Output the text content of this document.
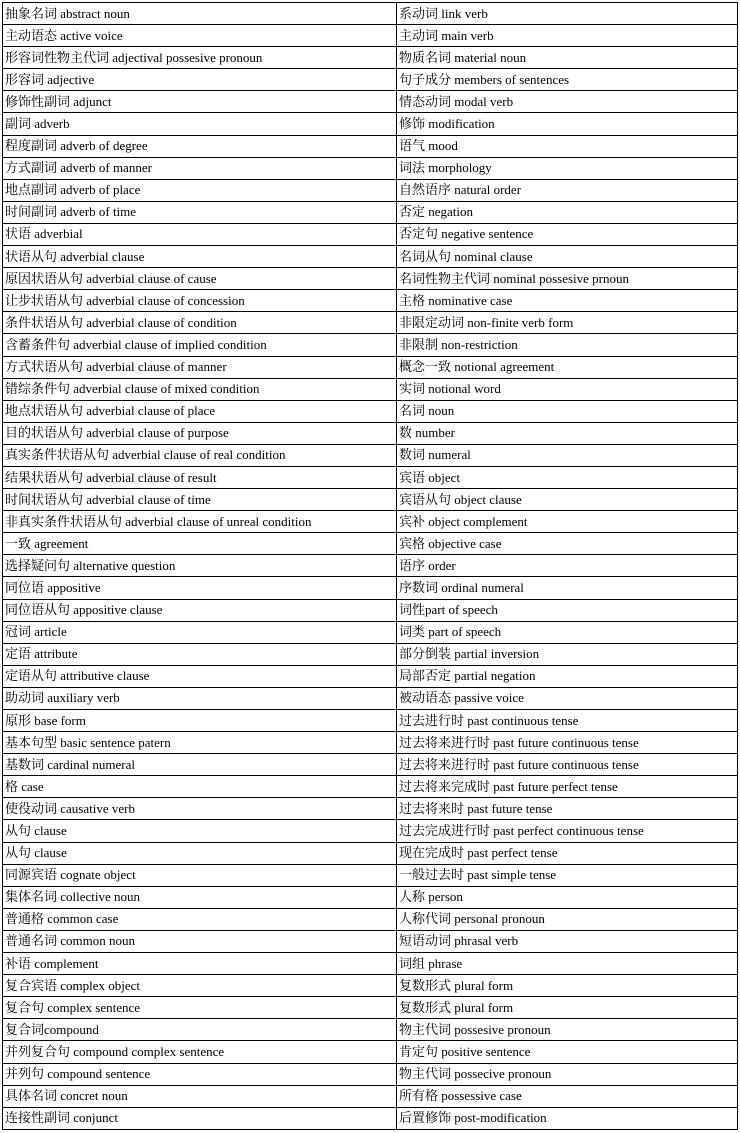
抽象名词 abstract noun	系动词 link verb
主动语态 active voice	主动词 main verb
形容词性物主代词 adjectival possesive pronoun	物质名词 material noun
形容词 adjective	句子成分 members of sentences
修饰性副词 adjunct	情态动词 modal verb
副词 adverb	修饰 modification
程度副词 adverb of degree	语气 mood
方式副词 adverb of manner	词法 morphology
地点副词 adverb of place	自然语序 natural order
时间副词 adverb of time	否定 negation
状语 adverbial	否定句 negative sentence
状语从句 adverbial clause	名词从句 nominal clause
原因状语从句 adverbial clause of cause	名词性物主代词 nominal possesive prnoun
让步状语从句 adverbial clause of concession	主格 nominative case
条件状语从句 adverbial clause of condition	非限定动词 non-finite verb form
含蓄条件句 adverbial clause of implied condition	非限制 non-restriction
方式状语从句 adverbial clause of manner	概念一致 notional agreement
错综条件句 adverbial clause of mixed condition	实词 notional word
地点状语从句 adverbial clause of place	名词 noun
目的状语从句 adverbial clause of purpose	数 number
真实条件状语从句 adverbial clause of real condition	数词 numeral
结果状语从句 adverbial clause of result	宾语 object
时间状语从句 adverbial clause of time	宾语从句 object clause
非真实条件状语从句 adverbial clause of unreal condition	宾补 object complement
一致 agreement	宾格 objective case
选择疑问句 alternative question	语序 order
同位语 appositive	序数词 ordinal numeral
同位语从句 appositive clause	词性part of speech
冠词 article	词类 part of speech
定语 attribute	部分倒装 partial inversion
定语从句 attributive clause	局部否定 partial negation
助动词 auxiliary verb	被动语态 passive voice
原形 base form	过去进行时 past continuous tense
基本句型 basic sentence patern	过去将来进行时 past future continuous tense
基数词 cardinal numeral	过去将来进行时 past future continuous tense
格 case	过去将来完成时 past future perfect tense
使役动词 causative verb	过去将来时 past future tense
从句 clause	过去完成进行时 past perfect continuous tense
从句 clause	现在完成时 past perfect tense
同源宾语 cognate object	一般过去时 past simple tense
集体名词 collective noun	人称 person
普通格 common case	人称代词 personal pronoun
普通名词 common noun	短语动词 phrasal verb
补语 complement	词组 phrase
复合宾语 complex object	复数形式 plural form
复合句 complex sentence	复数形式 plural form
复合词compound	物主代词 possesive pronoun
并列复合句 compound complex sentence	肯定句 positive sentence
并列句 compound sentence	物主代词 possecive pronoun
具体名词 concret noun	所有格 possessive case
连接性副词 conjunct	后置修饰 post-modification
